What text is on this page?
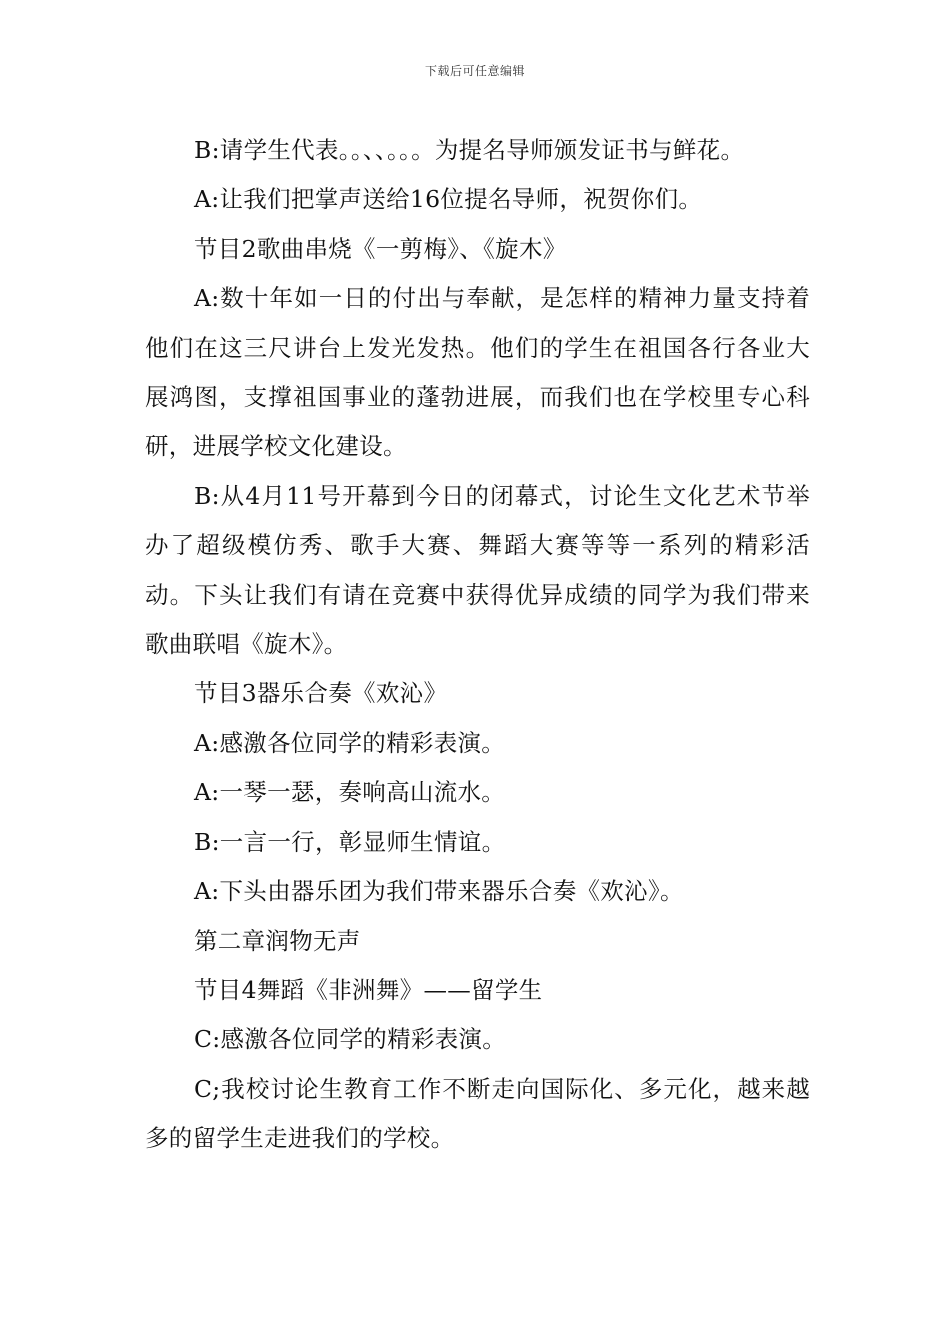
下载后可任意编辑

B:请学生代表。。、、。。。为提名导师颁发证书与鲜花。

A:让我们把掌声送给16位提名导师，祝贺你们。

节目2歌曲串烧《一剪梅》、《旋木》

A:数十年如一日的付出与奉献，是怎样的精神力量支持着他们在这三尺讲台上发光发热。他们的学生在祖国各行各业大展鸿图，支撑祖国事业的蓬勃进展，而我们也在学校里专心科研，进展学校文化建设。

B:从4月11号开幕到今日的闭幕式，讨论生文化艺术节举办了超级模仿秀、歌手大赛、舞蹈大赛等等一系列的精彩活动。下头让我们有请在竞赛中获得优异成绩的同学为我们带来歌曲联唱《旋木》。

节目3器乐合奏《欢沁》

A:感激各位同学的精彩表演。

A:一琴一瑟，奏响高山流水。

B:一言一行，彰显师生情谊。

A:下头由器乐团为我们带来器乐合奏《欢沁》。

第二章润物无声

节目4舞蹈《非洲舞》——留学生

C:感激各位同学的精彩表演。

C;我校讨论生教育工作不断走向国际化、多元化，越来越多的留学生走进我们的学校。
